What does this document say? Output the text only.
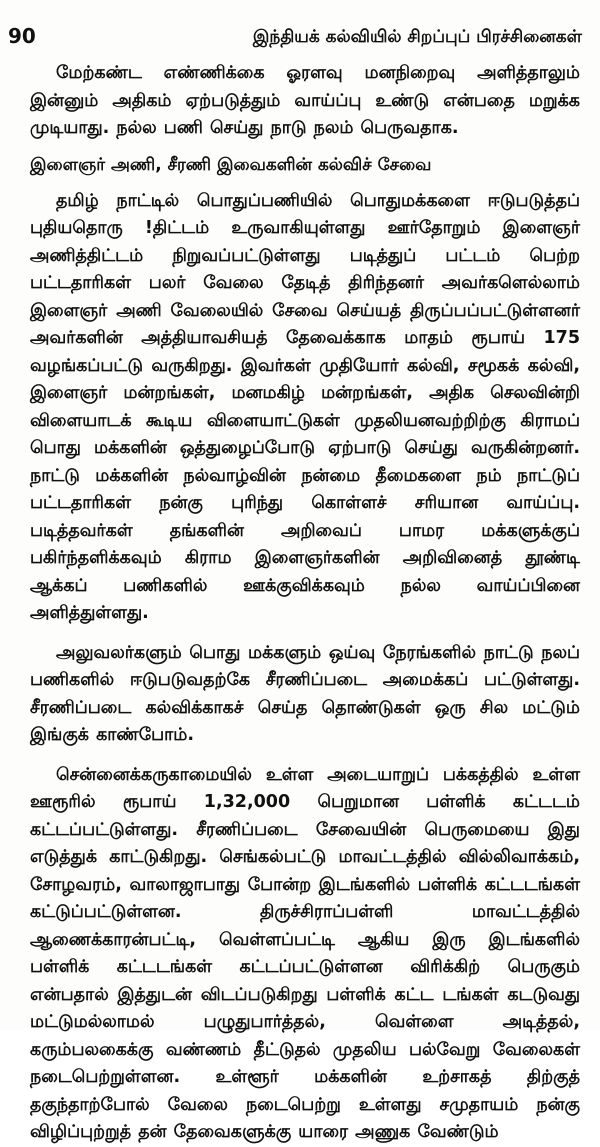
90	இந்தியக் கல்வியில் சிறப்புப் பிரச்சினைகள்

மேற்கண்ட எண்ணிக்கை ஓரளவு மனநிறைவு அளித்தாலும் இன்னும் அதிகம் ஏற்படுத்தும் வாய்ப்பு உண்டு என்பதை மறுக்க முடியாது. நல்ல பணி செய்து நாடு நலம் பெருவதாக.

இளைஞர் அணி, சீரணி இவைகளின் கல்விச் சேவை

தமிழ் நாட்டில் பொதுப்பணியில் பொதுமக்களை ஈடுபடுத்தப் புதியதொரு !திட்டம் உருவாகியுள்ளது ஊர்தோறும் இளைஞர் அணித்திட்டம் நிறுவப்பட்டுள்ளது படித்துப் பட்டம் பெற்ற பட்டதாரிகள் பலர் வேலை தேடித் திரிந்தனர் அவர்களெல்லாம் இளைஞர் அணி வேலையில் சேவை செய்யத் திருப்பப்பட்டுள்ளனர் அவர்களின் அத்தியாவசியத் தேவைக்காக மாதம் ரூபாய் 175 வழங்கப்பட்டு வருகிறது. இவர்கள் முதியோர் கல்வி, சமூகக் கல்வி, இளைஞர் மன்றங்கள், மனமகிழ் மன்றங்கள், அதிக செலவின்றி விளையாடக் கூடிய விளையாட்டுகள் முதலியனவற்றிற்கு கிராமப் பொது மக்களின் ஒத்துழைப்போடு ஏற்பாடு செய்து வருகின்றனர். நாட்டு மக்களின் நல்வாழ்வின் நன்மை தீமைகளை நம் நாட்டுப் பட்டதாரிகள் நன்கு புரிந்து கொள்ளச் சரியான வாய்ப்பு. படித்தவர்கள் தங்களின் அறிவைப் பாமர மக்களுக்குப் பகிர்ந்தளிக்கவும் கிராம இளைஞர்களின் அறிவினைத் தூண்டி ஆக்கப் பணிகளில் ஊக்குவிக்கவும் நல்ல வாய்ப்பினை அளித்துள்ளது.

அலுவலர்களும் பொது மக்களும் ஒய்வு நேரங்களில் நாட்டு நலப் பணிகளில் ஈடுபடுவதற்கே சீரணிப்படை அமைக்கப் பட்டுள்ளது. சீரணிப்படை கல்விக்காகச் செய்த தொண்டுகள் ஒரு சில மட்டும் இங்குக் காண்போம்.

சென்னைக்கருகாமையில் உள்ள அடையாறுப் பக்கத்தில் உள்ள ஊரூரில் ரூபாய் 1,32,000 பெறுமான பள்ளிக் கட்டடம் கட்டப்பட்டுள்ளது. சீரணிப்படை சேவையின் பெருமையை இது எடுத்துக் காட்டுகிறது. செங்கல்பட்டு மாவட்டத்தில் வில்லிவாக்கம், சோழவரம், வாலாஜாபாது போன்ற இடங்களில் பள்ளிக் கட்டடங்கள் கட்டுப்பட்டுள்ளன. திருச்சிராப்பள்ளி மாவட்டத்தில் ஆணைக்காரன்பட்டி, வெள்ளப்பட்டி ஆகிய இரு இடங்களில் பள்ளிக் கட்டடங்கள் கட்டப்பட்டுள்ளன விரிக்கிற் பெருகும் என்பதால் இத்துடன் விடப்படுகிறது பள்ளிக் கட்ட டங்கள் கடடுவது மட்டுமல்லாமல் பழுதுபார்த்தல், வெள்ளை அடித்தல், கரும்பலகைக்கு வண்ணம் தீட்டுதல் முதலிய பல்வேறு வேலைகள் நடைபெற்றுள்ளன. உள்ளூர் மக்களின் உற்சாகத் திற்குத் தகுந்தாற்போல் வேலை நடைபெற்று உள்ளது சமுதாயம் நன்கு விழிப்புற்றுத் தன் தேவைகளுக்கு யாரை அணுக வேண்டும்
